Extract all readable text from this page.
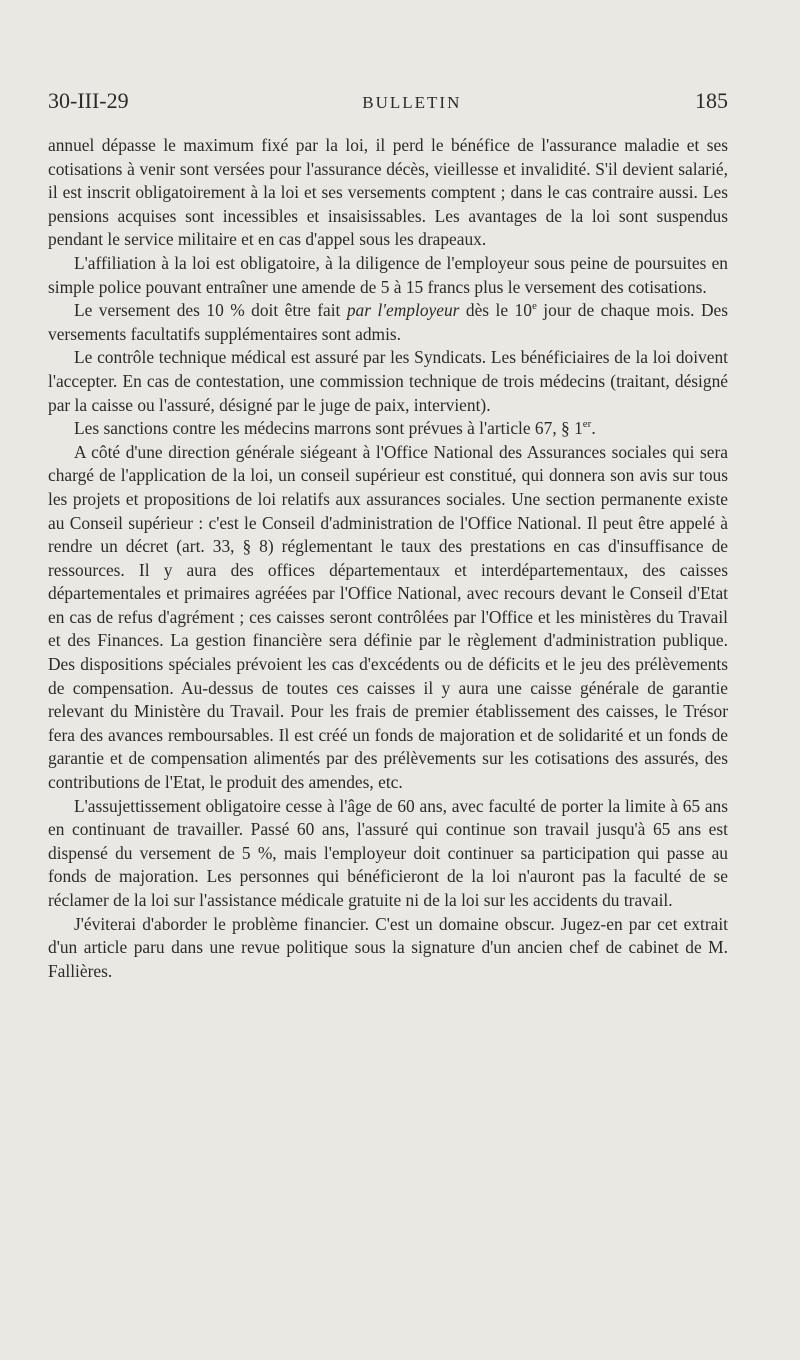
30-III-29	BULLETIN	185

annuel dépasse le maximum fixé par la loi, il perd le bénéfice de l'assurance maladie et ses cotisations à venir sont versées pour l'assurance décès, vieillesse et invalidité. S'il devient salarié, il est inscrit obligatoirement à la loi et ses versements comptent ; dans le cas contraire aussi. Les pensions acquises sont incessibles et insaisissables. Les avantages de la loi sont suspendus pendant le service militaire et en cas d'appel sous les drapeaux.

L'affiliation à la loi est obligatoire, à la diligence de l'employeur sous peine de poursuites en simple police pouvant entraîner une amende de 5 à 15 francs plus le versement des cotisations.

Le versement des 10 % doit être fait par l'employeur dès le 10e jour de chaque mois. Des versements facultatifs supplémentaires sont admis.

Le contrôle technique médical est assuré par les Syndicats. Les bénéficiaires de la loi doivent l'accepter. En cas de contestation, une commission technique de trois médecins (traitant, désigné par la caisse ou l'assuré, désigné par le juge de paix, intervient).

Les sanctions contre les médecins marrons sont prévues à l'article 67, § 1er.

A côté d'une direction générale siégeant à l'Office National des Assurances sociales qui sera chargé de l'application de la loi, un conseil supérieur est constitué, qui donnera son avis sur tous les projets et propositions de loi relatifs aux assurances sociales. Une section permanente existe au Conseil supérieur : c'est le Conseil d'administration de l'Office National. Il peut être appelé à rendre un décret (art. 33, § 8) réglementant le taux des prestations en cas d'insuffisance de ressources. Il y aura des offices départementaux et interdépartementaux, des caisses départementales et primaires agréées par l'Office National, avec recours devant le Conseil d'Etat en cas de refus d'agrément ; ces caisses seront contrôlées par l'Office et les ministères du Travail et des Finances. La gestion financière sera définie par le règlement d'administration publique. Des dispositions spéciales prévoient les cas d'excédents ou de déficits et le jeu des prélèvements de compensation. Au-dessus de toutes ces caisses il y aura une caisse générale de garantie relevant du Ministère du Travail. Pour les frais de premier établissement des caisses, le Trésor fera des avances remboursables. Il est créé un fonds de majoration et de solidarité et un fonds de garantie et de compensation alimentés par des prélèvements sur les cotisations des assurés, des contributions de l'Etat, le produit des amendes, etc.

L'assujettissement obligatoire cesse à l'âge de 60 ans, avec faculté de porter la limite à 65 ans en continuant de travailler. Passé 60 ans, l'assuré qui continue son travail jusqu'à 65 ans est dispensé du versement de 5 %, mais l'employeur doit continuer sa participation qui passe au fonds de majoration. Les personnes qui bénéficieront de la loi n'auront pas la faculté de se réclamer de la loi sur l'assistance médicale gratuite ni de la loi sur les accidents du travail.

J'éviterai d'aborder le problème financier. C'est un domaine obscur. Jugez-en par cet extrait d'un article paru dans une revue politique sous la signature d'un ancien chef de cabinet de M. Fallières.
